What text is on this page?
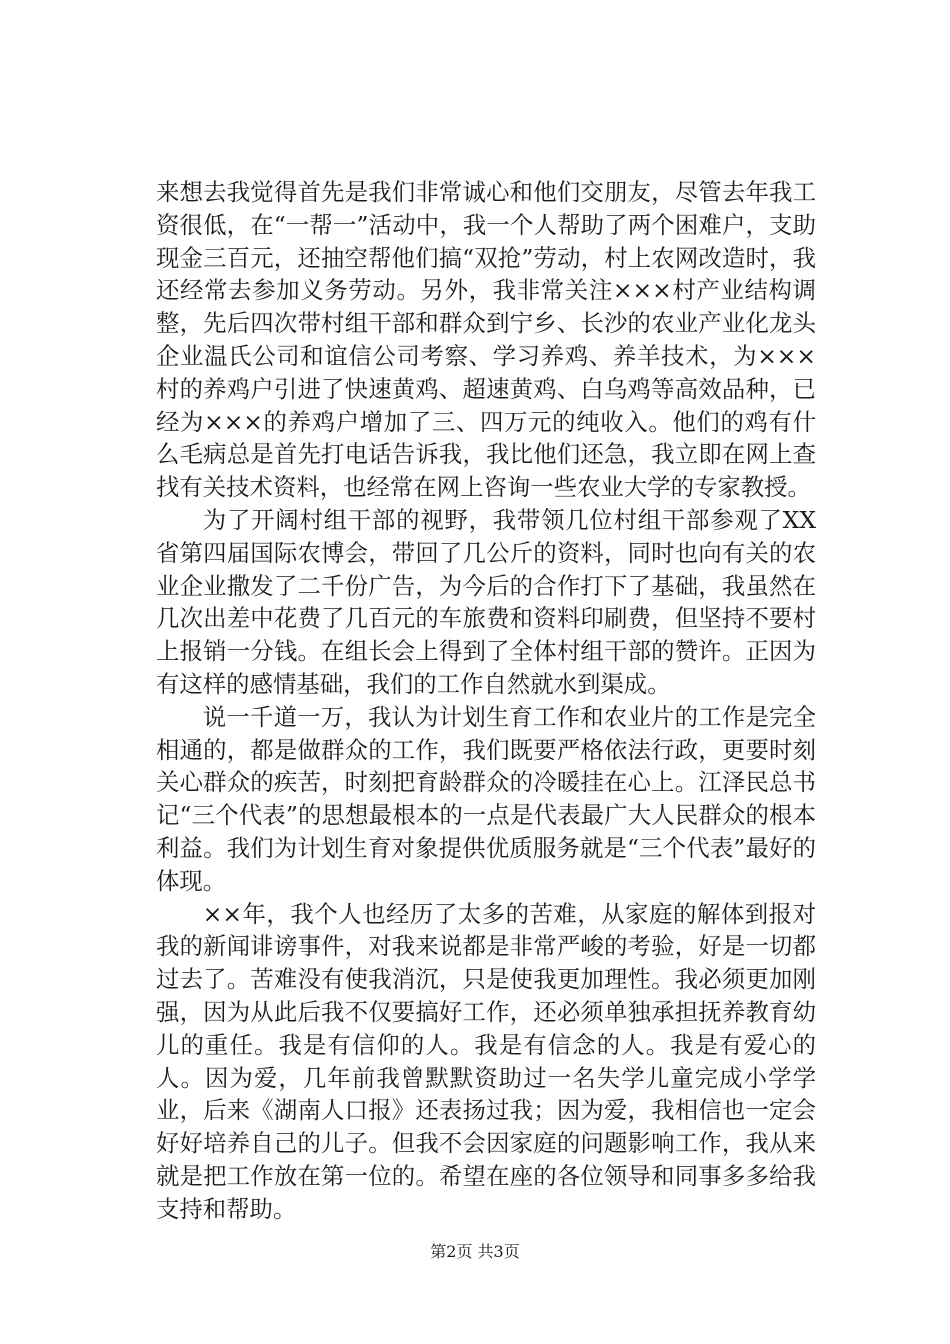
来想去我觉得首先是我们非常诚心和他们交朋友，尽管去年我工资很低，在“一帮一”活动中，我一个人帮助了两个困难户，支助现金三百元，还抽空帮他们搞“双抢”劳动，村上农网改造时，我还经常去参加义务劳动。另外，我非常关注×××村产业结构调整，先后四次带村组干部和群众到宁乡、长沙的农业产业化龙头企业温氏公司和谊信公司考察、学习养鸡、养羊技术，为×××村的养鸡户引进了快速黄鸡、超速黄鸡、白乌鸡等高效品种，已经为×××的养鸡户增加了三、四万元的纯收入。他们的鸡有什么毛病总是首先打电话告诉我，我比他们还急，我立即在网上查找有关技术资料，也经常在网上咨询一些农业大学的专家教授。

为了开阔村组干部的视野，我带领几位村组干部参观了XX省第四届国际农博会，带回了几公斤的资料，同时也向有关的农业企业撒发了二千份广告，为今后的合作打下了基础，我虽然在几次出差中花费了几百元的车旅费和资料印刷费，但坚持不要村上报销一分钱。在组长会上得到了全体村组干部的赞许。正因为有这样的感情基础，我们的工作自然就水到渠成。

说一千道一万，我认为计划生育工作和农业片的工作是完全相通的，都是做群众的工作，我们既要严格依法行政，更要时刻关心群众的疾苦，时刻把育龄群众的冷暖挂在心上。江泽民总书记“三个代表”的思想最根本的一点是代表最广大人民群众的根本利益。我们为计划生育对象提供优质服务就是“三个代表”最好的体现。

××年，我个人也经历了太多的苦难，从家庭的解体到报对我的新闻诽谤事件，对我来说都是非常严峻的考验，好是一切都过去了。苦难没有使我消沉，只是使我更加理性。我必须更加刚强，因为从此后我不仅要搞好工作，还必须单独承担抚养教育幼儿的重任。我是有信仰的人。我是有信念的人。我是有爱心的人。因为爱，几年前我曾默默资助过一名失学儿童完成小学学业，后来《湖南人口报》还表扬过我；因为爱，我相信也一定会好好培养自己的儿子。但我不会因家庭的问题影响工作，我从来就是把工作放在第一位的。希望在座的各位领导和同事多多给我支持和帮助。

第2页 共3页
